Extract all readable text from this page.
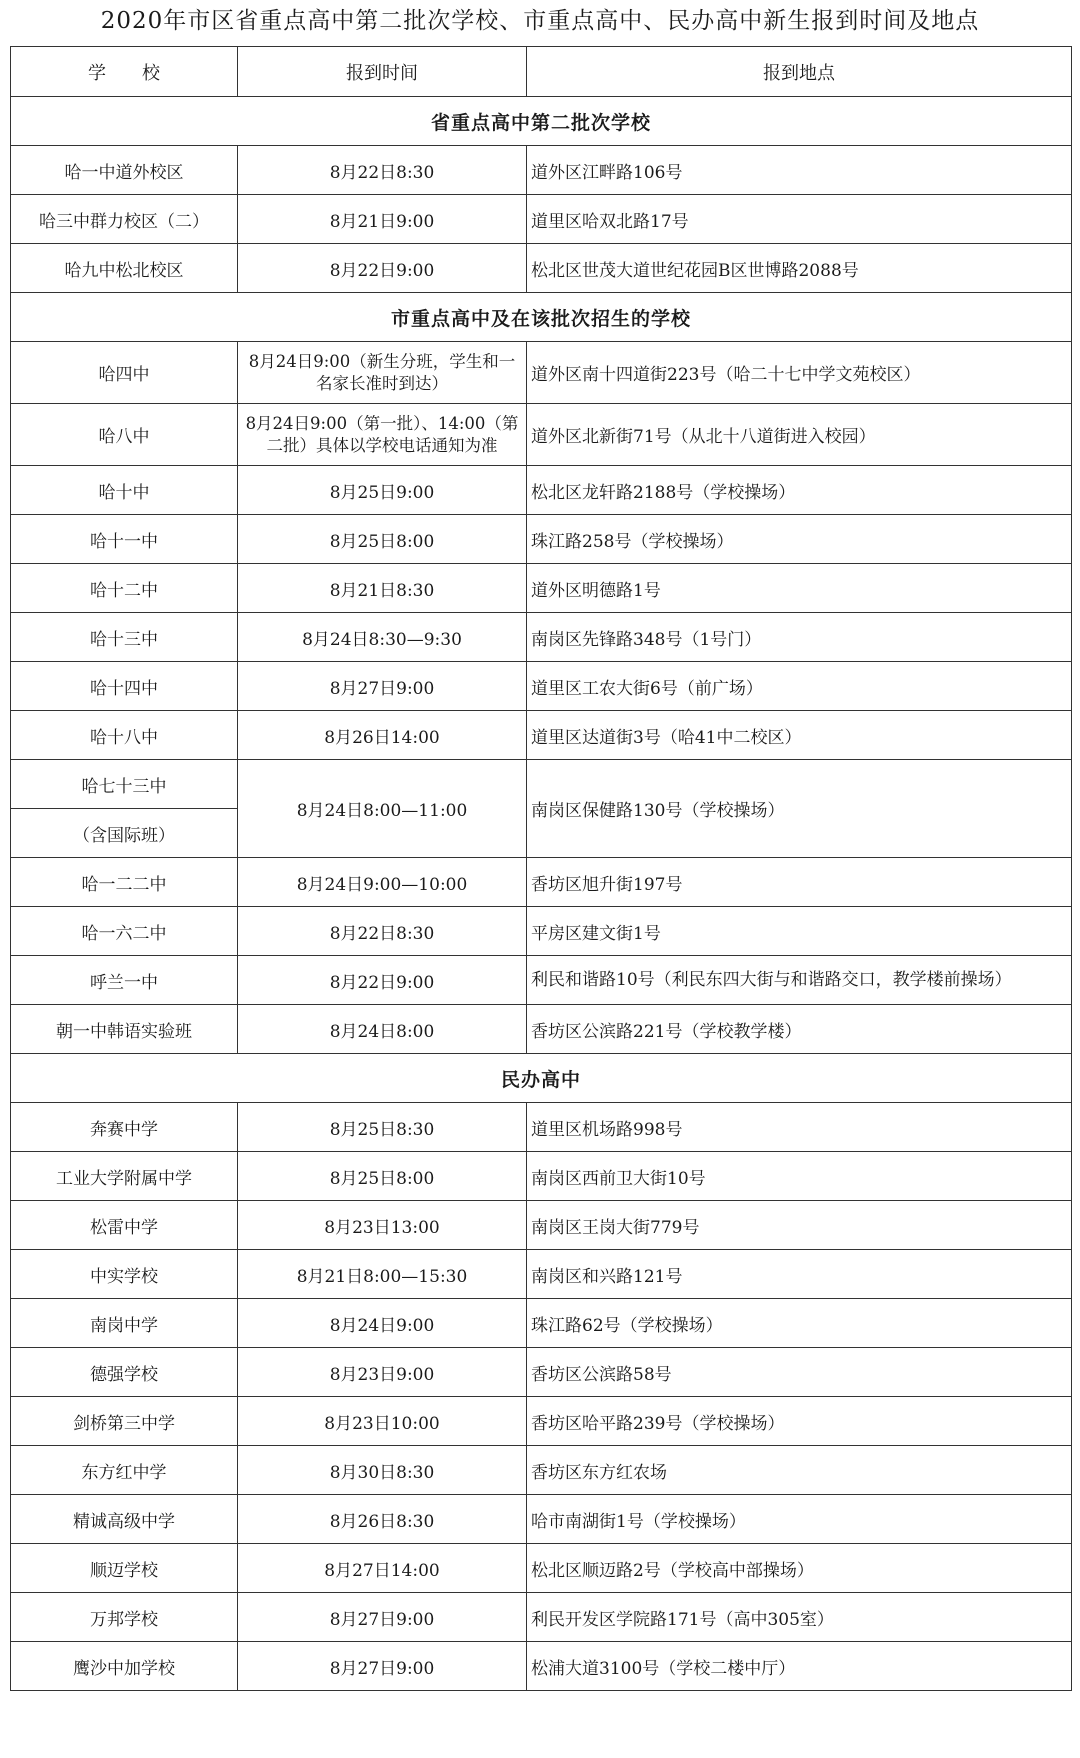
2020年市区省重点高中第二批次学校、市重点高中、民办高中新生报到时间及地点
学　　校	报到时间	报到地点
省重点高中第二批次学校		
哈一中道外校区	8月22日8:30	道外区江畔路106号
哈三中群力校区（二）	8月21日9:00	道里区哈双北路17号
哈九中松北校区	8月22日9:00	松北区世茂大道世纪花园B区世博路2088号
市重点高中及在该批次招生的学校		
哈四中	8月24日9:00（新生分班，学生和一名家长准时到达）	道外区南十四道街223号（哈二十七中学文苑校区）
哈八中	8月24日9:00（第一批）、14:00（第二批）具体以学校电话通知为准	道外区北新街71号（从北十八道街进入校园）
哈十中	8月25日9:00	松北区龙轩路2188号（学校操场）
哈十一中	8月25日8:00	珠江路258号（学校操场）
哈十二中	8月21日8:30	道外区明德路1号
哈十三中	8月24日8:30—9:30	南岗区先锋路348号（1号门）
哈十四中	8月27日9:00	道里区工农大街6号（前广场）
哈十八中	8月26日14:00	道里区达道街3号（哈41中二校区）
哈七十三中	8月24日8:00—11:00	南岗区保健路130号（学校操场）
（含国际班）		
哈一二二中	8月24日9:00—10:00	香坊区旭升街197号
哈一六二中	8月22日8:30	平房区建文街1号
呼兰一中	8月22日9:00	利民和谐路10号（利民东四大街与和谐路交口，教学楼前操场）
朝一中韩语实验班	8月24日8:00	香坊区公滨路221号（学校教学楼）
民办高中		
奔赛中学	8月25日8:30	道里区机场路998号
工业大学附属中学	8月25日8:00	南岗区西前卫大街10号
松雷中学	8月23日13:00	南岗区王岗大街779号
中实学校	8月21日8:00—15:30	南岗区和兴路121号
南岗中学	8月24日9:00	珠江路62号（学校操场）
德强学校	8月23日9:00	香坊区公滨路58号
剑桥第三中学	8月23日10:00	香坊区哈平路239号（学校操场）
东方红中学	8月30日8:30	香坊区东方红农场
精诚高级中学	8月26日8:30	哈市南湖街1号（学校操场）
顺迈学校	8月27日14:00	松北区顺迈路2号（学校高中部操场）
万邦学校	8月27日9:00	利民开发区学院路171号（高中305室）
鹰沙中加学校	8月27日9:00	松浦大道3100号（学校二楼中厅）
